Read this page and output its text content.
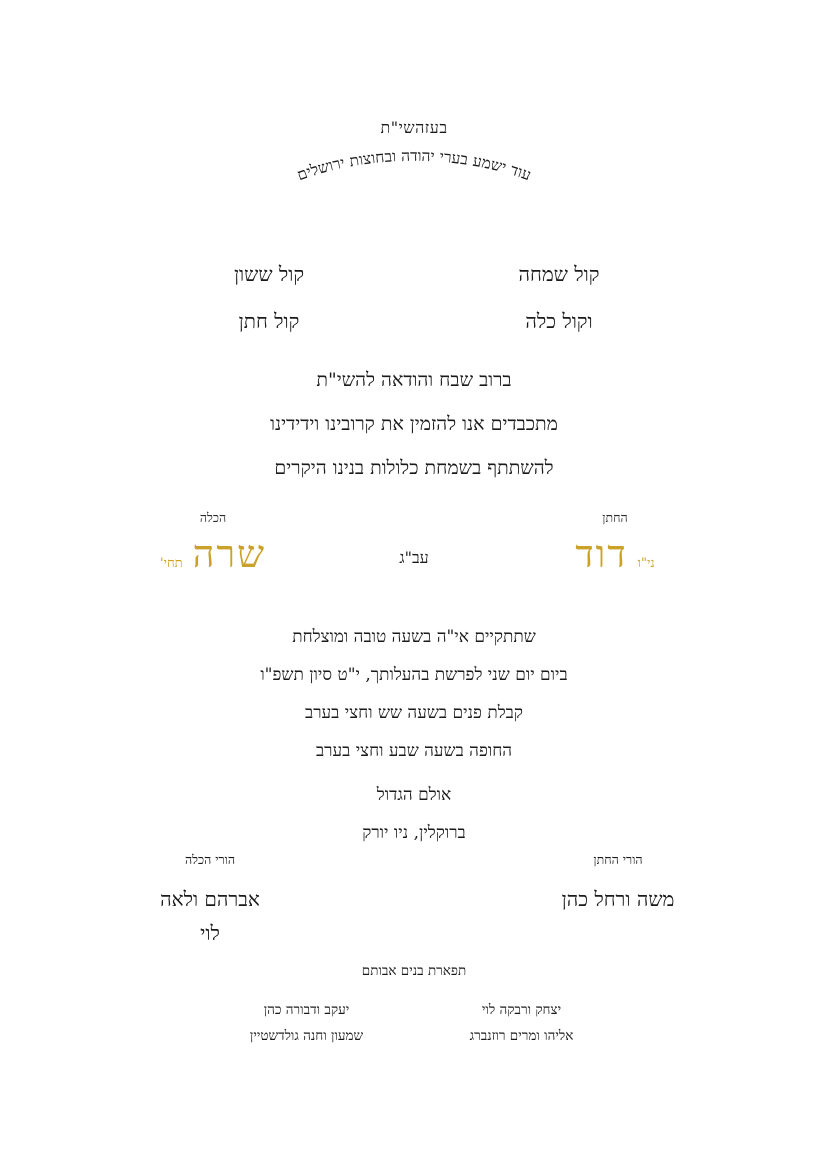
בעזהשי"ת
עוד ישמע בערי יהודה ובחוצות ירושלים
קול שמחה
קול ששון
וקול כלה
קול חתן
ברוב שבח והודאה להשי"ת
מתכבדים אנו להזמין את קרובינו וידידינו
להשתתף בשמחת כלולות בנינו היקרים
החתן
ני"ו
דוד
עב"ג
הכלה
שרה
תחי'
שתתקיים אי"ה בשעה טובה ומוצלחת
ביום יום שני לפרשת בהעלותך, י"ט סיון תשפ"ו
קבלת פנים בשעה שש וחצי בערב
החופה בשעה שבע וחצי בערב
אולם הגדול
ברוקלין, ניו יורק
הורי החתן
משה ורחל כהן
הורי הכלה
אברהם ולאה
לוי
תפארת בנים אבותם
יצחק ורבקה לוי
יעקב ודבורה כהן
אליהו ומרים רוזנברג
שמעון וחנה גולדשטיין
